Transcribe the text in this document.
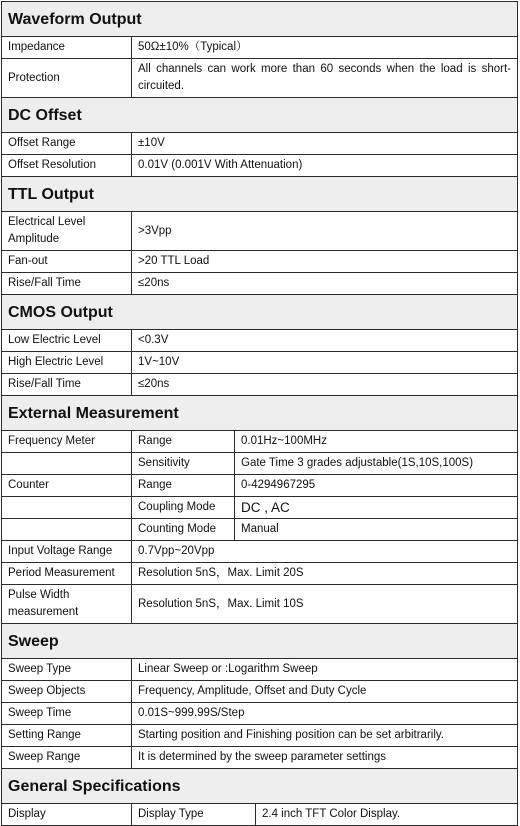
Waveform Output			
Impedance	50Ω±10%（Typical）		
Protection	All channels can work more than 60 seconds when the load is short-circuited.		
DC Offset			
Offset Range	±10V		
Offset Resolution	0.01V (0.001V With Attenuation)		
TTL Output			
Electrical Level Amplitude	>3Vpp		
Fan-out	>20 TTL Load		
Rise/Fall Time	≤20ns		
CMOS Output			
Low Electric Level	<0.3V		
High Electric Level	1V~10V		
Rise/Fall Time	≤20ns		
External Measurement			
Frequency Meter	Range	0.01Hz~100MHz	
	Sensitivity	Gate Time 3 grades adjustable(1S,10S,100S)	
Counter	Range	0-4294967295	
	Coupling Mode	DC , AC	
	Counting Mode	Manual	
Input Voltage Range	0.7Vpp~20Vpp		
Period Measurement	Resolution 5nS，Max. Limit 20S		
Pulse Width measurement	Resolution 5nS，Max. Limit 10S		
Sweep			
Sweep Type	Linear Sweep or :Logarithm Sweep		
Sweep Objects	Frequency, Amplitude, Offset and Duty Cycle		
Sweep Time	0.01S~999.99S/Step		
Setting Range	Starting position and Finishing position can be set arbitrarily.		
Sweep Range	It is determined by the sweep parameter settings		
General Specifications			
Display	Display Type		2.4 inch TFT Color Display.
